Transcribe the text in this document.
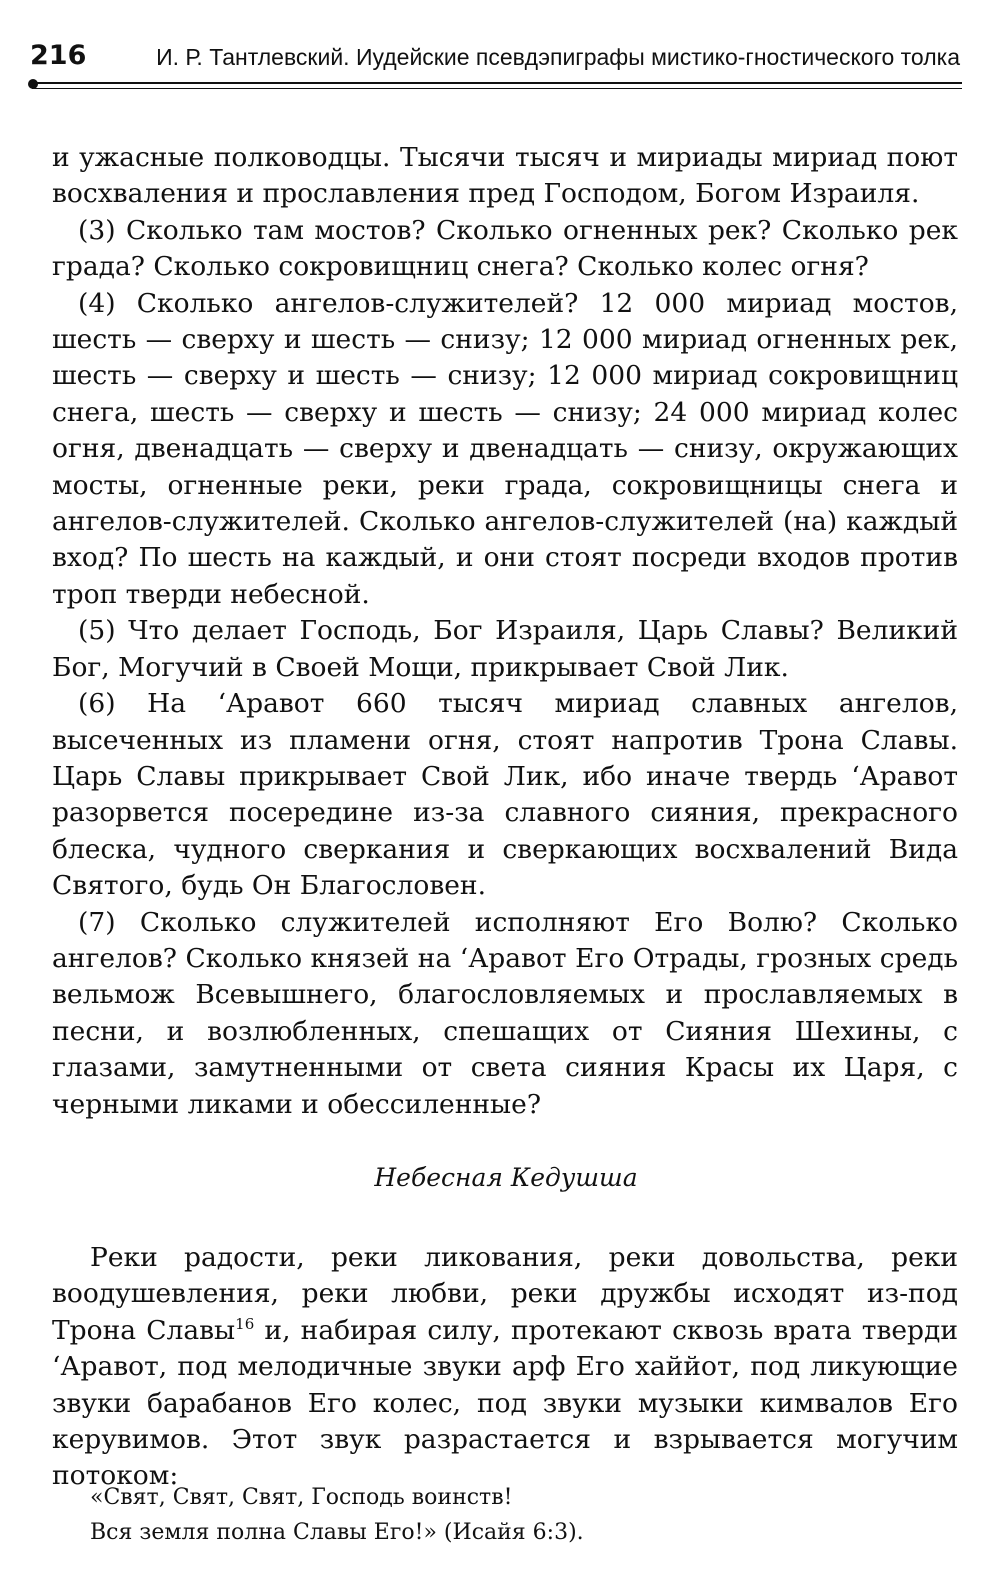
216	И. Р. Тантлевский. Иудейские псевдэпиграфы мистико-гностического толка

и ужасные полководцы. Тысячи тысяч и мириады мириад поют восхваления и прославления пред Господом, Богом Израиля.

(3) Сколько там мостов? Сколько огненных рек? Сколько рек града? Сколько сокровищниц снега? Сколько колес огня?

(4) Сколько ангелов-служителей? 12 000 мириад мостов, шесть — сверху и шесть — снизу; 12 000 мириад огненных рек, шесть — сверху и шесть — снизу; 12 000 мириад сокровищниц снега, шесть — сверху и шесть — снизу; 24 000 мириад колес огня, двенадцать — сверху и двенадцать — снизу, окружающих мосты, огненные реки, реки града, сокровищницы снега и ангелов-служителей. Сколько ангелов-служителей (на) каждый вход? По шесть на каждый, и они стоят посреди входов против троп тверди небесной.

(5) Что делает Господь, Бог Израиля, Царь Славы? Великий Бог, Могучий в Своей Мощи, прикрывает Свой Лик.

(6) На ‘Аравот 660 тысяч мириад славных ангелов, высеченных из пламени огня, стоят напротив Трона Славы. Царь Славы прикрывает Свой Лик, ибо иначе твердь ‘Аравот разорвется посередине из-за славного сияния, прекрасного блеска, чудного сверкания и сверкающих восхвалений Вида Святого, будь Он Благословен.

(7) Сколько служителей исполняют Его Волю? Сколько ангелов? Сколько князей на ‘Аравот Его Отрады, грозных средь вельмож Всевышнего, благословляемых и прославляемых в песни, и возлюбленных, спешащих от Сияния Шехины, с глазами, замутненными от света сияния Красы их Царя, с черными ликами и обессиленные?

Небесная Кедушша

Реки радости, реки ликования, реки довольства, реки воодушевления, реки любви, реки дружбы исходят из-под Трона Славы$^{16}$ и, набирая силу, протекают сквозь врата тверди ‘Аравот, под мелодичные звуки арф Его хаййот, под ликующие звуки барабанов Его колес, под звуки музыки кимвалов Его керувимов. Этот звук разрастается и взрывается могучим потоком:

«Свят, Свят, Свят, Господь воинств!
Вся земля полна Славы Его!» (Исайя 6:3).
